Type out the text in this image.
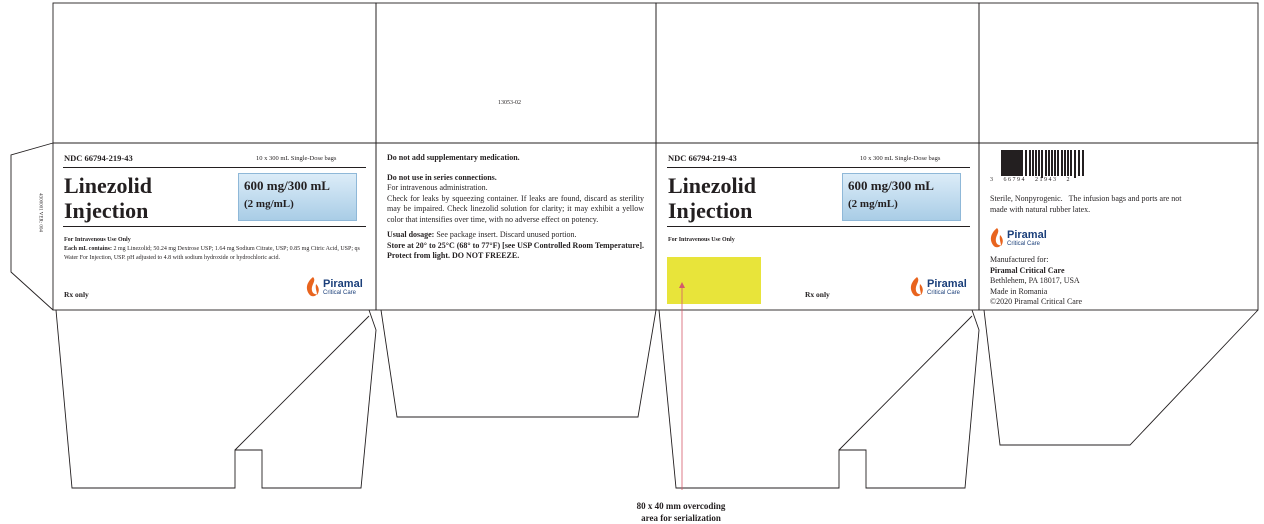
4300001 VER: 004
13053-02
NDC 66794-219-43	10 x 300 mL Single-Dose bags
Linezolid
Injection
600 mg/300 mL
(2 mg/mL)
For Intravenous Use Only
Each mL contains: 2 mg Linezolid; 50.24 mg Dextrose USP; 1.64 mg Sodium Citrate, USP; 0.85 mg Citric Acid, USP; qs Water For Injection, USP. pH adjusted to 4.8 with sodium hydroxide or hydrochloric acid.
Rx only
Piramal
Critical Care
Do not add supplementary medication.
Do not use in series connections.
For intravenous administration.
Check for leaks by squeezing container. If leaks are found, discard as sterility may be impaired. Check linezolid solution for clarity; it may exhibit a yellow color that intensifies over time, with no adverse effect on potency.
Usual dosage: See package insert. Discard unused portion.
Store at 20° to 25°C (68° to 77°F) [see USP Controlled Room Temperature]. Protect from light. DO NOT FREEZE.
NDC 66794-219-43	10 x 300 mL Single-Dose bags
Linezolid
Injection
600 mg/300 mL
(2 mg/mL)
For Intravenous Use Only
Rx only
Piramal
Critical Care
80 x 40 mm overcoding
area for serialization
3   66794   21943   2
Sterile, Nonpyrogenic. The infusion bags and ports are not made with natural rubber latex.
Piramal
Critical Care
Manufactured for:
Piramal Critical Care
Bethlehem, PA 18017, USA
Made in Romania
©2020 Piramal Critical Care
